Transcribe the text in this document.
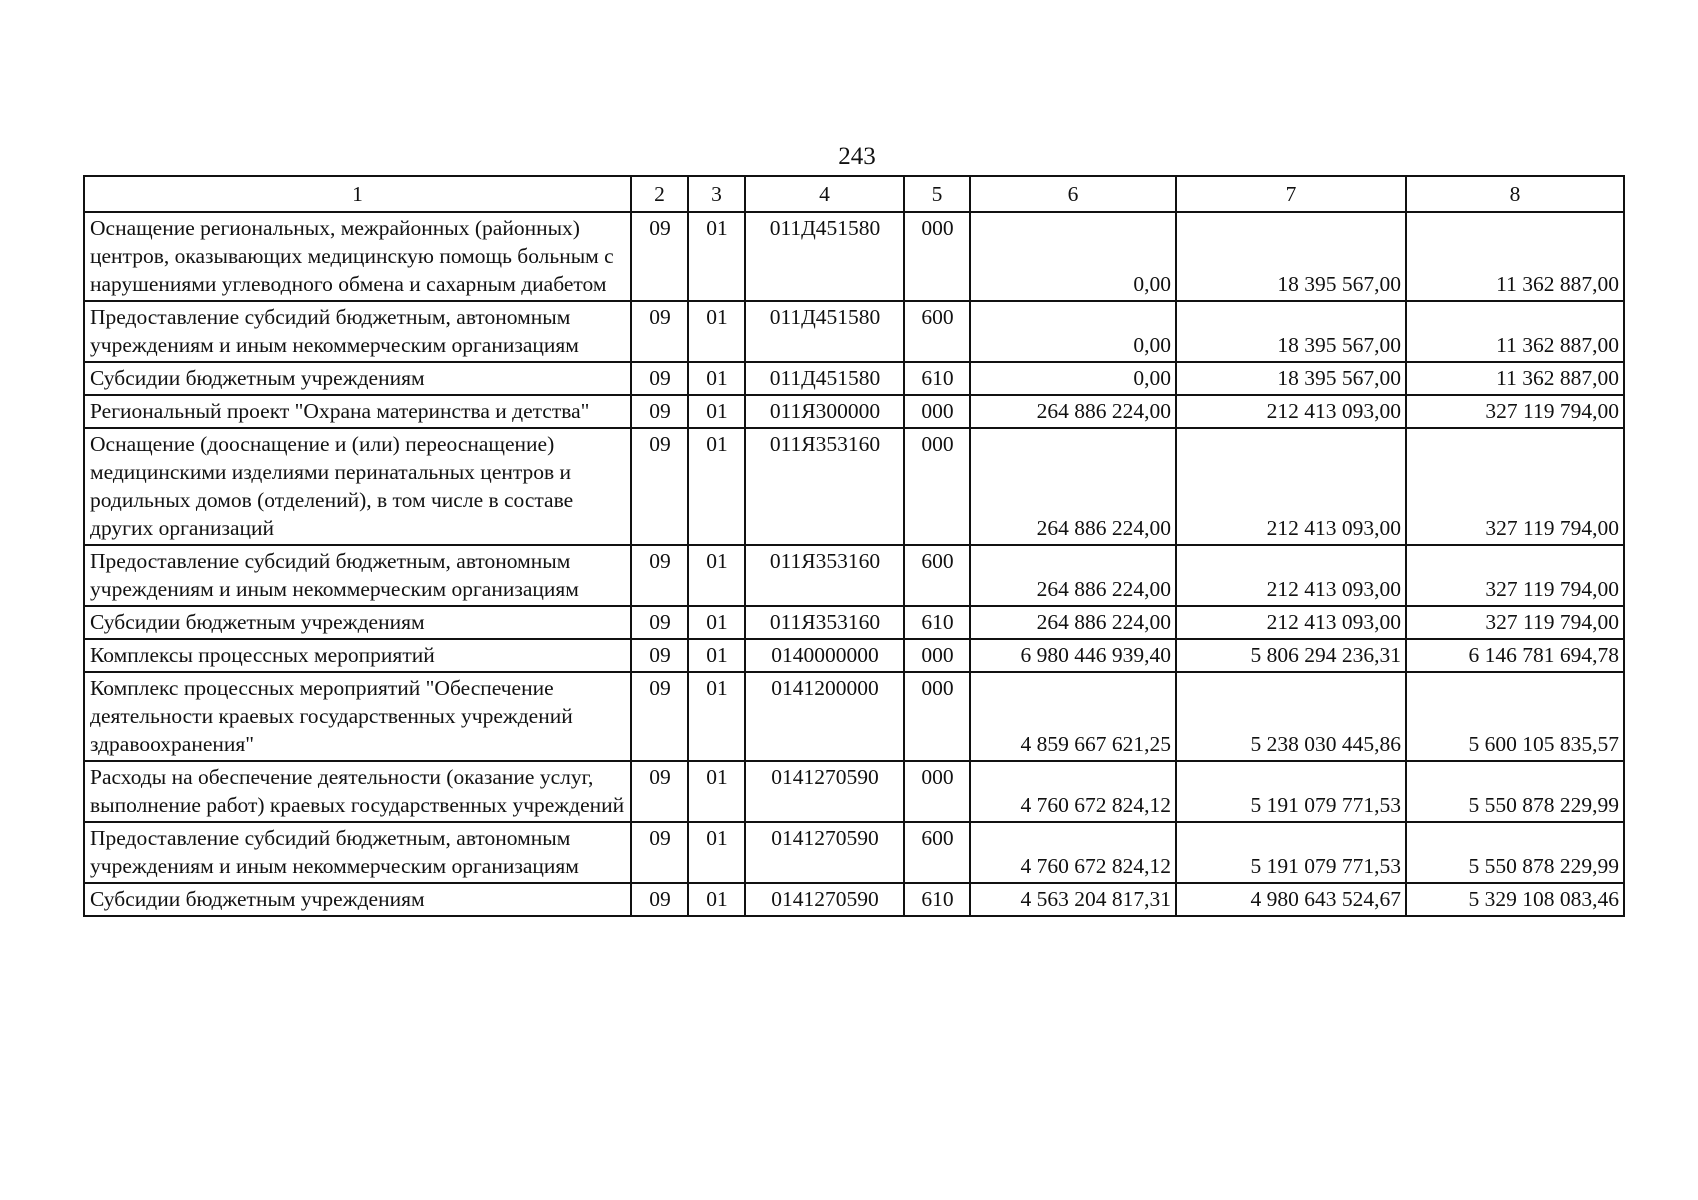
243
1	2	3	4	5	6	7	8
Оснащение региональных, межрайонных (районных) центров, оказывающих медицинскую помощь больным с нарушениями углеводного обмена и сахарным диабетом	09	01	011Д451580	000	0,00	18 395 567,00	11 362 887,00
Предоставление субсидий бюджетным, автономным учреждениям и иным некоммерческим организациям	09	01	011Д451580	600	0,00	18 395 567,00	11 362 887,00
Субсидии бюджетным учреждениям	09	01	011Д451580	610	0,00	18 395 567,00	11 362 887,00
Региональный проект "Охрана материнства и детства"	09	01	011Я300000	000	264 886 224,00	212 413 093,00	327 119 794,00
Оснащение (дооснащение и (или) переоснащение) медицинскими изделиями перинатальных центров и родильных домов (отделений), в том числе в составе других организаций	09	01	011Я353160	000	264 886 224,00	212 413 093,00	327 119 794,00
Предоставление субсидий бюджетным, автономным учреждениям и иным некоммерческим организациям	09	01	011Я353160	600	264 886 224,00	212 413 093,00	327 119 794,00
Субсидии бюджетным учреждениям	09	01	011Я353160	610	264 886 224,00	212 413 093,00	327 119 794,00
Комплексы процессных мероприятий	09	01	0140000000	000	6 980 446 939,40	5 806 294 236,31	6 146 781 694,78
Комплекс процессных мероприятий "Обеспечение деятельности краевых государственных учреждений здравоохранения"	09	01	0141200000	000	4 859 667 621,25	5 238 030 445,86	5 600 105 835,57
Расходы на обеспечение деятельности (оказание услуг, выполнение работ) краевых государственных учреждений	09	01	0141270590	000	4 760 672 824,12	5 191 079 771,53	5 550 878 229,99
Предоставление субсидий бюджетным, автономным учреждениям и иным некоммерческим организациям	09	01	0141270590	600	4 760 672 824,12	5 191 079 771,53	5 550 878 229,99
Субсидии бюджетным учреждениям	09	01	0141270590	610	4 563 204 817,31	4 980 643 524,67	5 329 108 083,46
